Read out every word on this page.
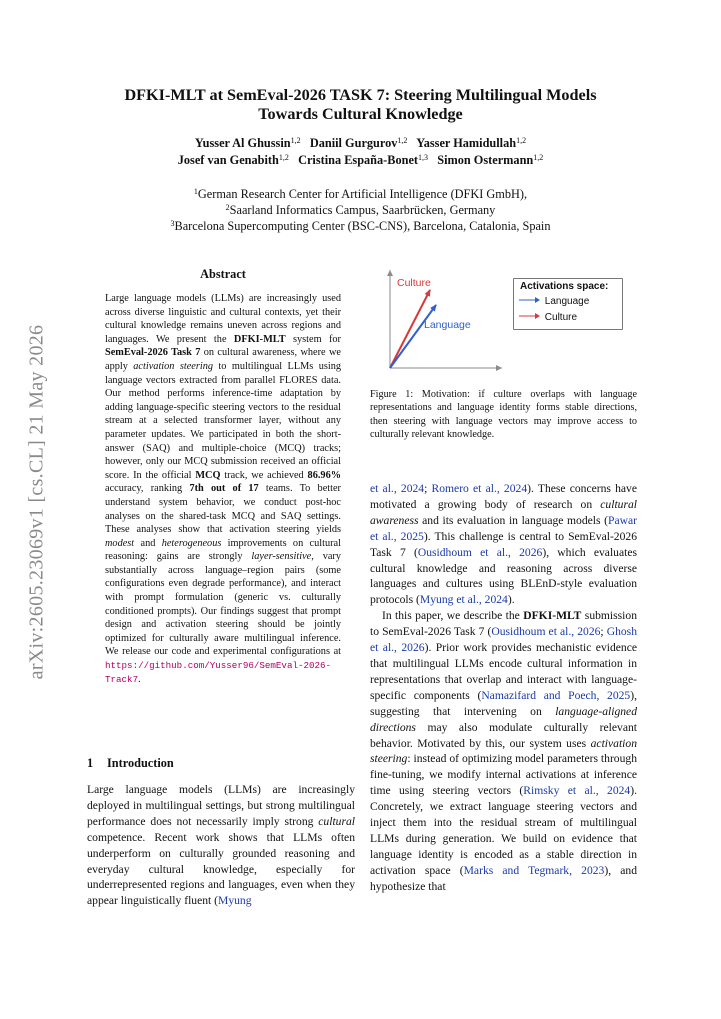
arXiv:2605.23069v1 [cs.CL] 21 May 2026
DFKI-MLT at SemEval-2026 TASK 7: Steering Multilingual Models
Towards Cultural Knowledge
Yusser Al Ghussin$^{1,2}$ Daniil Gurgurov$^{1,2}$ Yasser Hamidullah$^{1,2}$
Josef van Genabith$^{1,2}$ Cristina España-Bonet$^{1,3}$ Simon Ostermann$^{1,2}$
$^1$German Research Center for Artificial Intelligence (DFKI GmbH),
$^2$Saarland Informatics Campus, Saarbrücken, Germany
$^3$Barcelona Supercomputing Center (BSC-CNS), Barcelona, Catalonia, Spain
Abstract

Large language models (LLMs) are increasingly used across diverse linguistic and cultural contexts, yet their cultural knowledge remains uneven across regions and languages. We present the DFKI-MLT system for SemEval-2026 Task 7 on cultural awareness, where we apply activation steering to multilingual LLMs using language vectors extracted from parallel FLORES data. Our method performs inference-time adaptation by adding language-specific steering vectors to the residual stream at a selected transformer layer, without any parameter updates. We participated in both the short-answer (SAQ) and multiple-choice (MCQ) tracks; however, only our MCQ submission received an official score. In the official MCQ track, we achieved 86.96% accuracy, ranking 7th out of 17 teams. To better understand system behavior, we conduct post-hoc analyses on the shared-task MCQ and SAQ settings. These analyses show that activation steering yields modest and heterogeneous improvements on cultural reasoning: gains are strongly layer-sensitive, vary substantially across language–region pairs (some configurations even degrade performance), and interact with prompt formulation (generic vs. culturally conditioned prompts). Our findings suggest that prompt design and activation steering should be jointly optimized for culturally aware multilingual inference. We release our code and experimental configurations at https://github.com/Yusser96/SemEval-2026-Track7.

1 Introduction

Large language models (LLMs) are increasingly deployed in multilingual settings, but strong multilingual performance does not necessarily imply strong cultural competence. Recent work shows that LLMs often underperform on culturally grounded reasoning and everyday cultural knowledge, especially for underrepresented regions and languages, even when they appear linguistically fluent (Myung

Culture
Language
Activations space:
Language
Culture
Figure 1: Motivation: if culture overlaps with language representations and language identity forms stable directions, then steering with language vectors may improve access to culturally relevant knowledge.

et al., 2024; Romero et al., 2024). These concerns have motivated a growing body of research on cultural awareness and its evaluation in language models (Pawar et al., 2025). This challenge is central to SemEval-2026 Task 7 (Ousidhoum et al., 2026), which evaluates cultural knowledge and reasoning across diverse languages and cultures using BLEnD-style evaluation protocols (Myung et al., 2024).

In this paper, we describe the DFKI-MLT submission to SemEval-2026 Task 7 (Ousidhoum et al., 2026; Ghosh et al., 2026). Prior work provides mechanistic evidence that multilingual LLMs encode cultural information in representations that overlap and interact with language-specific components (Namazifard and Poech, 2025), suggesting that intervening on language-aligned directions may also modulate culturally relevant behavior. Motivated by this, our system uses activation steering: instead of optimizing model parameters through fine-tuning, we modify internal activations at inference time using steering vectors (Rimsky et al., 2024). Concretely, we extract language steering vectors and inject them into the residual stream of multilingual LLMs during generation. We build on evidence that language identity is encoded as a stable direction in activation space (Marks and Tegmark, 2023), and hypothesize that
